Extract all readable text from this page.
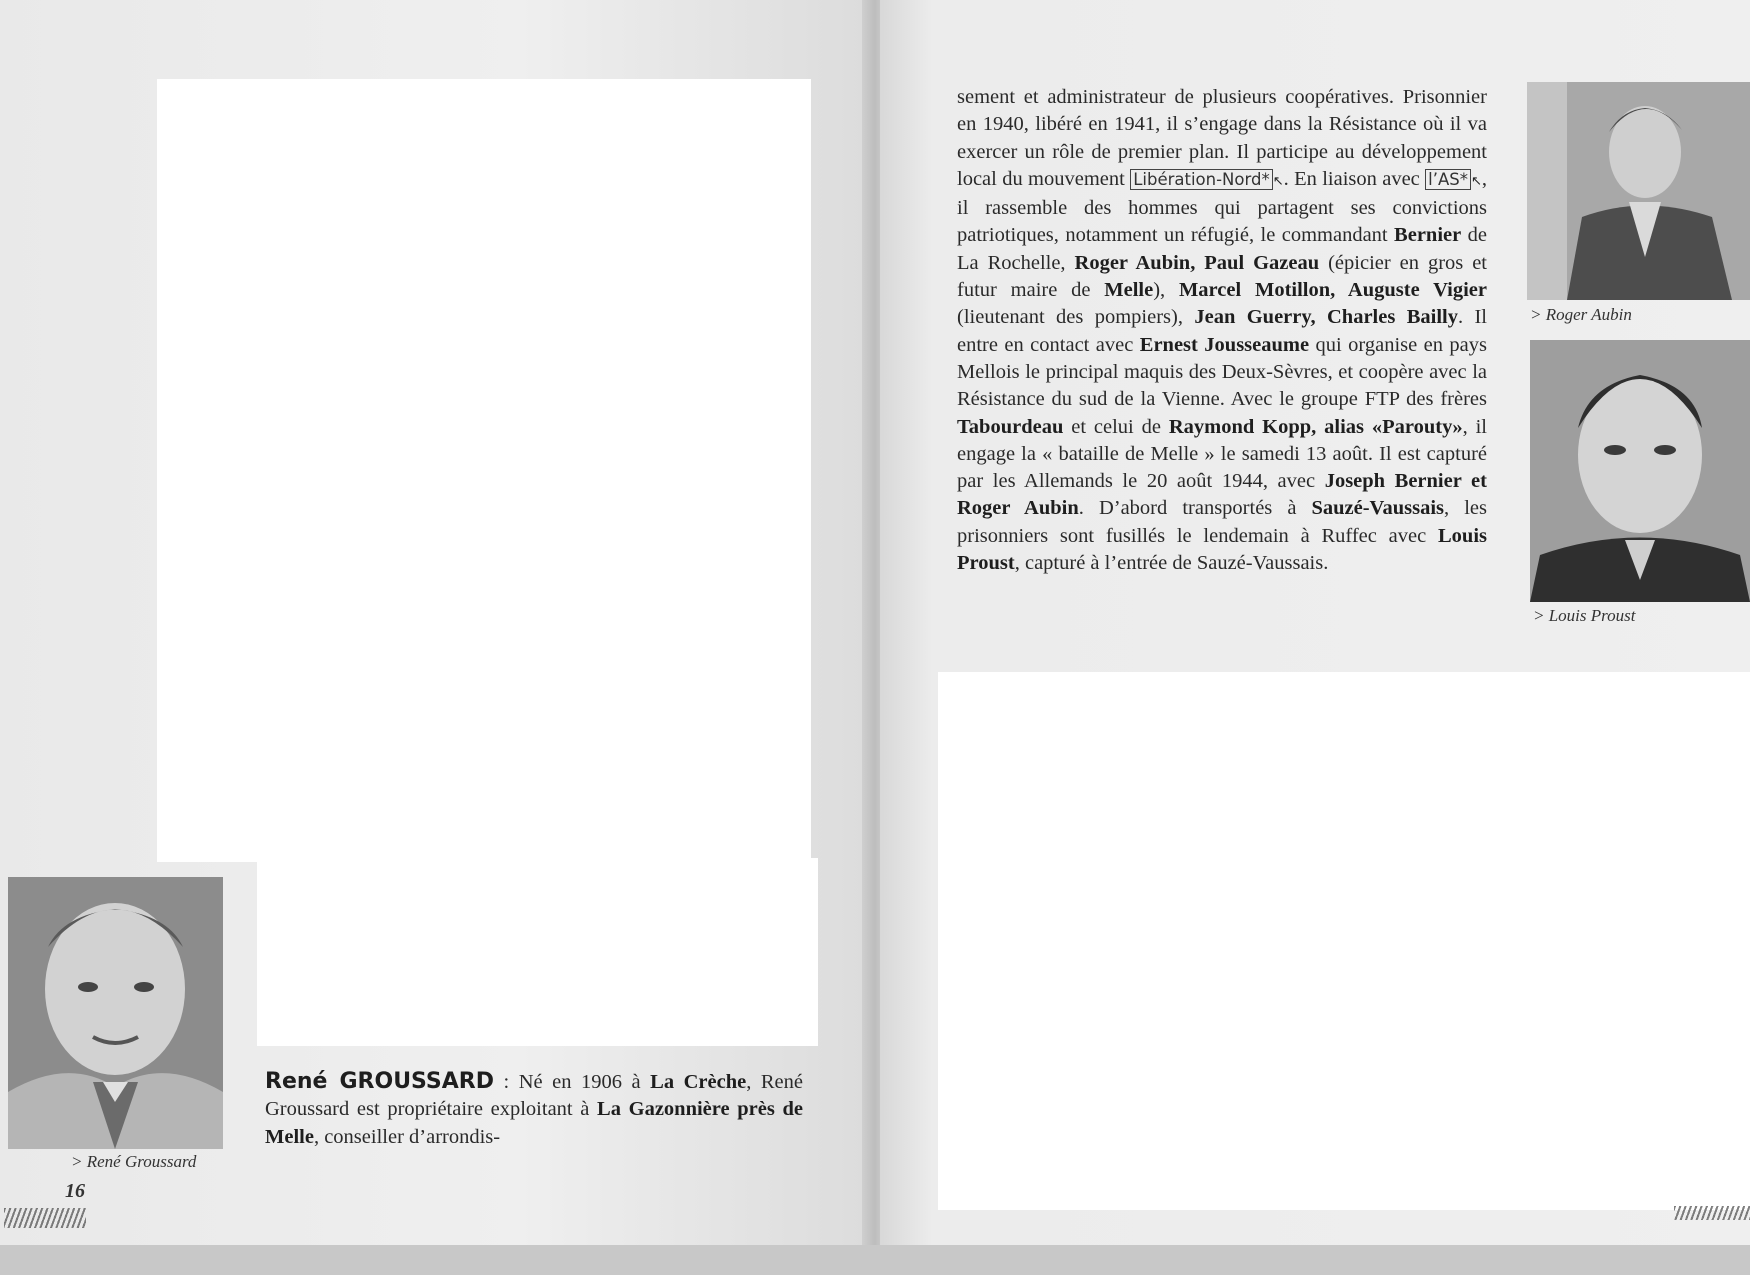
> René Groussard
16
René GROUSSARD : Né en 1906 à La Crèche, René Groussard est propriétaire exploitant à La Gazonnière près de Melle, conseiller d’arrondis-
sement et administrateur de plusieurs coopératives. Prisonnier en 1940, libéré en 1941, il s’engage dans la Résistance où il va exercer un rôle de premier plan. Il participe au développement local du mouvement Libération-Nord* ↖. En liaison avec l’AS* ↖, il rassemble des hommes qui partagent ses convictions patriotiques, notamment un réfugié, le commandant Bernier de La Rochelle, Roger Aubin, Paul Gazeau (épicier en gros et futur maire de Melle), Marcel Motillon, Auguste Vigier (lieutenant des pompiers), Jean Guerry, Charles Bailly. Il entre en contact avec Ernest Jousseaume qui organise en pays Mellois le principal maquis des Deux-Sèvres, et coopère avec la Résistance du sud de la Vienne. Avec le groupe FTP des frères Tabourdeau et celui de Raymond Kopp, alias «Parouty», il engage la « bataille de Melle » le samedi 13 août. Il est capturé par les Allemands le 20 août 1944, avec Joseph Bernier et Roger Aubin. D’abord transportés à Sauzé-Vaussais, les prisonniers sont fusillés le lendemain à Ruffec avec Louis Proust, capturé à l’entrée de Sauzé-Vaussais.
> Roger Aubin
> Louis Proust
